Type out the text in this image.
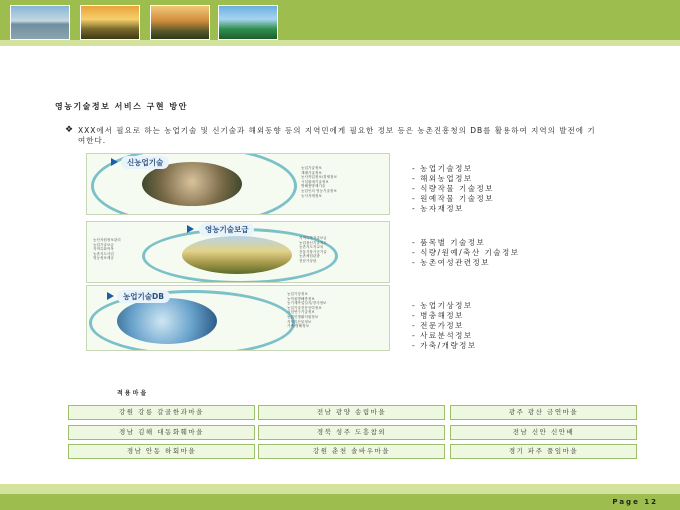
영농기술정보 서비스 구현 방안
❖ XXX에서 필요로 하는 농업기술 및 신기술과 해외동향 등의 지역민에게 필요한 정보 등은 농촌진흥청의 DB를 활용하여 지역의 발전에 기여한다.
신농업기술
농업기술정보
재배기술정보
농사작업정보/경제정보
시설원예기술정보
병해충방제기술
농업인의 영농기술정보
농사자재정보
- 농업기술정보
- 해외농업정보
- 식량작물 기술정보
- 원예작물 기술정보
- 농자재정보
영농기술보급
농산자원정보관리
농업기술보급
지역특화작목
농촌지도사업
영농정보제공
지역특작기술보급
농업용신기술지도
농촌지도자교육
전통식품가공기술
농촌체험관광
전문가상담
- 품목별 기술정보
- 식량/원예/축산 기술정보
- 농촌여성관련정보
농업기술DB	농업기상정보
농작물병해충정보
농기계작업일지/경사정보
농업기술전문인력정보
시험연구기술정보
농업인생활지원정보
지역특산물정보
가축/병해정보
- 농업기상정보
- 병충해정보
- 전문가정보
- 사료분석정보
- 가축/개량정보
적용마을
강원 강릉 갈골한과마을	전남 광양 송림마을	광주 광산 금연마을
경남 김해 대동화훼마을	경북 성주 도흥참외	전남 신안 신안배
경남 안동 하회마을	강원 춘천 솔바우마을	경기 파주 풀잎마을
Page 12
